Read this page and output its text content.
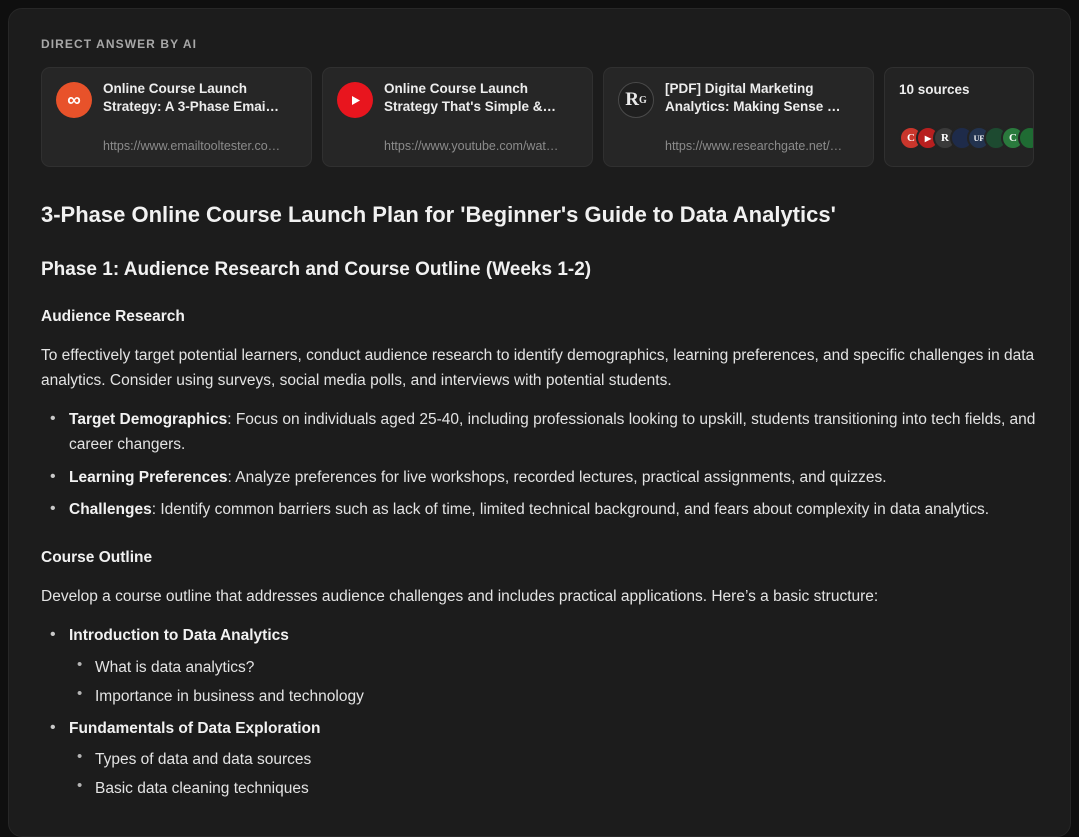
DIRECT ANSWER BY AI
∞
Online Course Launch Strategy: A 3-Phase Emai…
https://www.emailtooltester.co…
Online Course Launch Strategy That's Simple &…
https://www.youtube.com/wat…
R G
[PDF] Digital Marketing Analytics: Making Sense …
https://www.researchgate.net/…
10 sources
C	▶ R	UF	C
3-Phase Online Course Launch Plan for 'Beginner's Guide to Data Analytics'
Phase 1: Audience Research and Course Outline (Weeks 1-2)
Audience Research

To effectively target potential learners, conduct audience research to identify demographics, learning preferences, and specific challenges in data analytics. Consider using surveys, social media polls, and interviews with potential students.

• Target Demographics: Focus on individuals aged 25-40, including professionals looking to upskill, students transitioning into tech fields, and career changers.
• Learning Preferences: Analyze preferences for live workshops, recorded lectures, practical assignments, and quizzes.
• Challenges: Identify common barriers such as lack of time, limited technical background, and fears about complexity in data analytics.
Course Outline

Develop a course outline that addresses audience challenges and includes practical applications. Here’s a basic structure:

• Introduction to Data Analytics
• What is data analytics?
• Importance in business and technology
• Fundamentals of Data Exploration
• Types of data and data sources
• Basic data cleaning techniques
